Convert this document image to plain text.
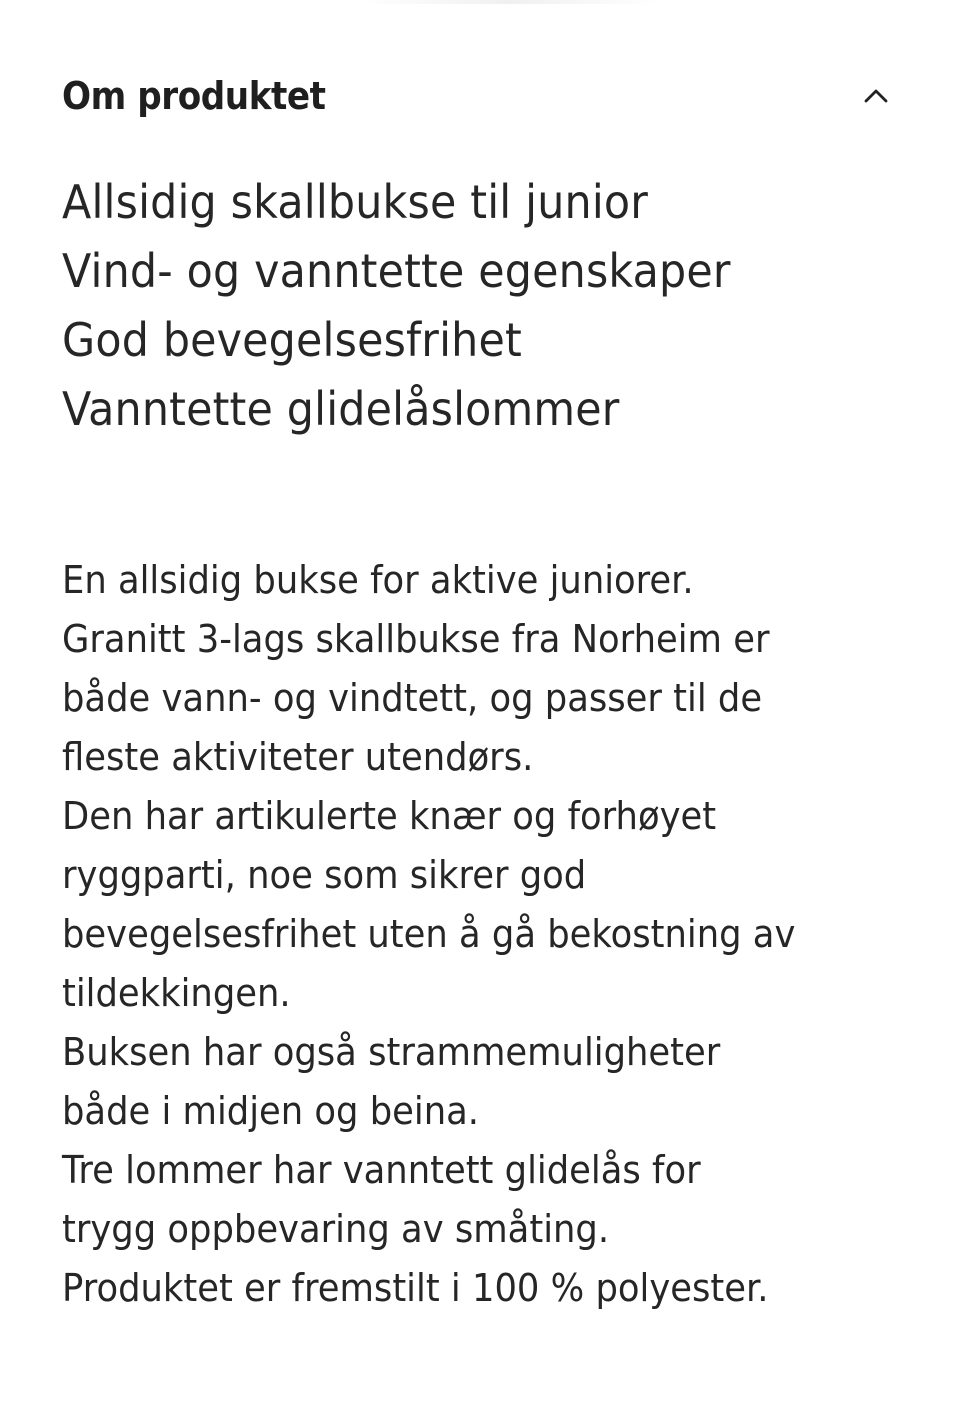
Om produktet
Allsidig skallbukse til junior
Vind- og vanntette egenskaper
God bevegelsesfrihet
Vanntette glidelåslommer
En allsidig bukse for aktive juniorer.
Granitt 3-lags skallbukse fra Norheim er
både vann- og vindtett, og passer til de
fleste aktiviteter utendørs.
Den har artikulerte knær og forhøyet
ryggparti, noe som sikrer god
bevegelsesfrihet uten å gå bekostning av
tildekkingen.
Buksen har også strammemuligheter
både i midjen og beina.
Tre lommer har vanntett glidelås for
trygg oppbevaring av småting.
Produktet er fremstilt i 100 % polyester.
